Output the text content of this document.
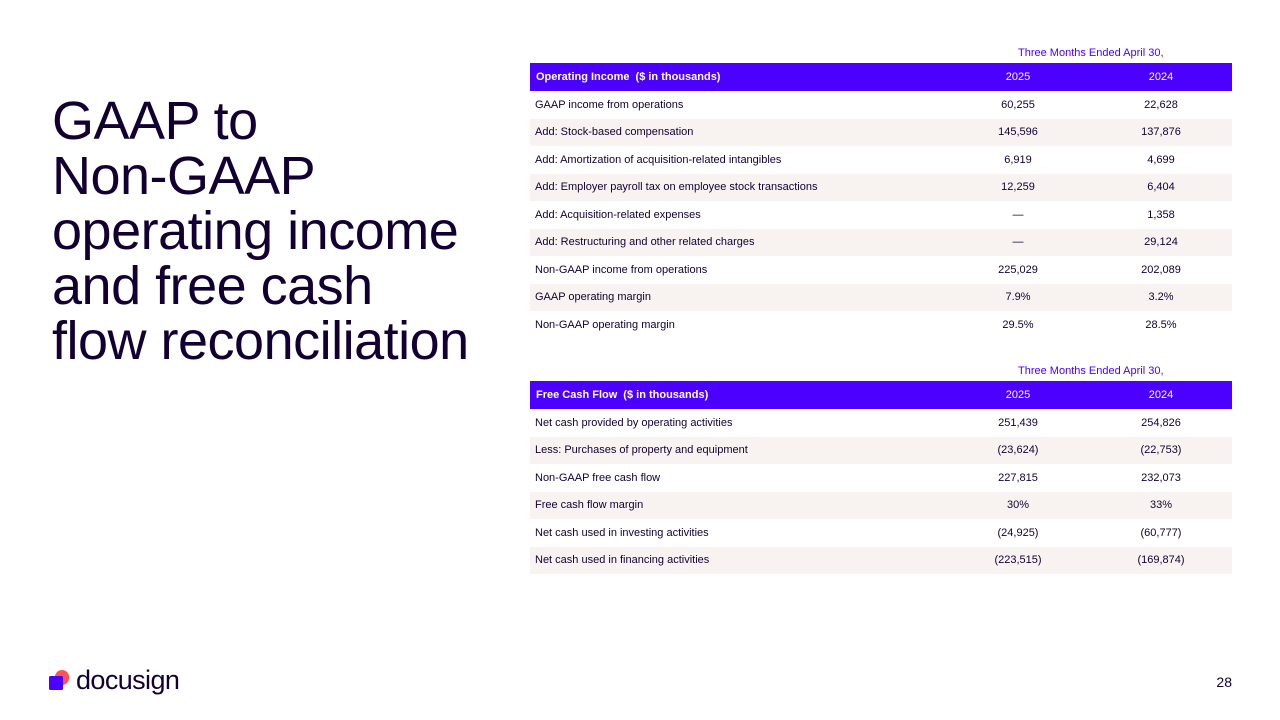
GAAP to
Non-GAAP
operating income
and free cash
flow reconciliation
Three Months Ended April 30,
Operating Income ($ in thousands)	2025	2024
GAAP income from operations	60,255	22,628
Add: Stock-based compensation	145,596	137,876
Add: Amortization of acquisition-related intangibles	6,919	4,699
Add: Employer payroll tax on employee stock transactions	12,259	6,404
Add: Acquisition-related expenses	—	1,358
Add: Restructuring and other related charges	—	29,124
Non-GAAP income from operations	225,029	202,089
GAAP operating margin	7.9%	3.2%
Non-GAAP operating margin	29.5%	28.5%
Three Months Ended April 30,
Free Cash Flow ($ in thousands)	2025	2024
Net cash provided by operating activities	251,439	254,826
Less: Purchases of property and equipment	(23,624)	(22,753)
Non-GAAP free cash flow	227,815	232,073
Free cash flow margin	30%	33%
Net cash used in investing activities	(24,925)	(60,777)
Net cash used in financing activities	(223,515)	(169,874)
docusign	28
